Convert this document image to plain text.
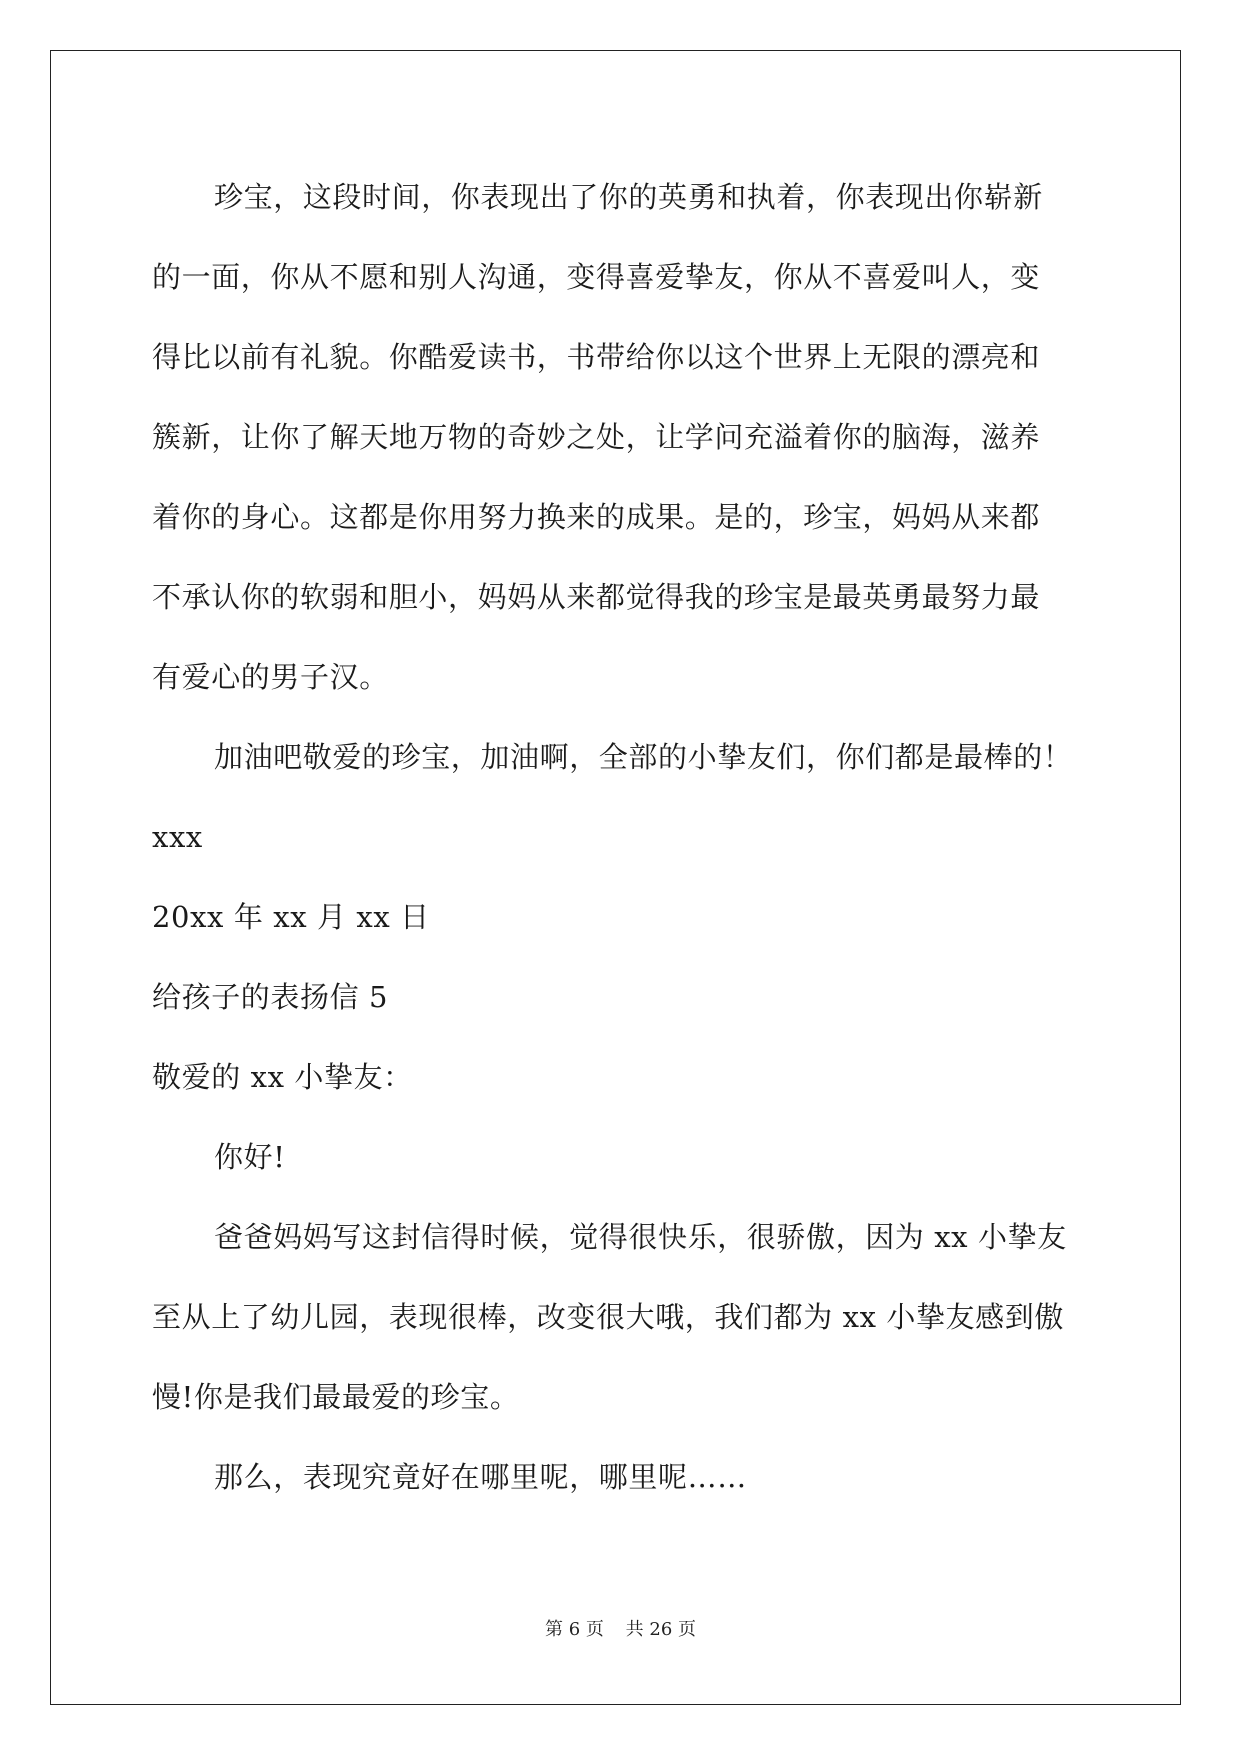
珍宝，这段时间，你表现出了你的英勇和执着，你表现出你崭新
的一面，你从不愿和别人沟通，变得喜爱挚友，你从不喜爱叫人，变
得比以前有礼貌。你酷爱读书，书带给你以这个世界上无限的漂亮和
簇新，让你了解天地万物的奇妙之处，让学问充溢着你的脑海，滋养
着你的身心。这都是你用努力换来的成果。是的，珍宝，妈妈从来都
不承认你的软弱和胆小，妈妈从来都觉得我的珍宝是最英勇最努力最
有爱心的男子汉。
加油吧敬爱的珍宝，加油啊，全部的小挚友们，你们都是最棒的！
xxx
20xx 年 xx 月 xx 日
给孩子的表扬信 5
敬爱的 xx 小挚友：
你好!
爸爸妈妈写这封信得时候，觉得很快乐，很骄傲，因为 xx 小挚友
至从上了幼儿园，表现很棒，改变很大哦，我们都为 xx 小挚友感到傲
慢!你是我们最最爱的珍宝。
那么，表现究竟好在哪里呢，哪里呢……
第 6 页 共 26 页
